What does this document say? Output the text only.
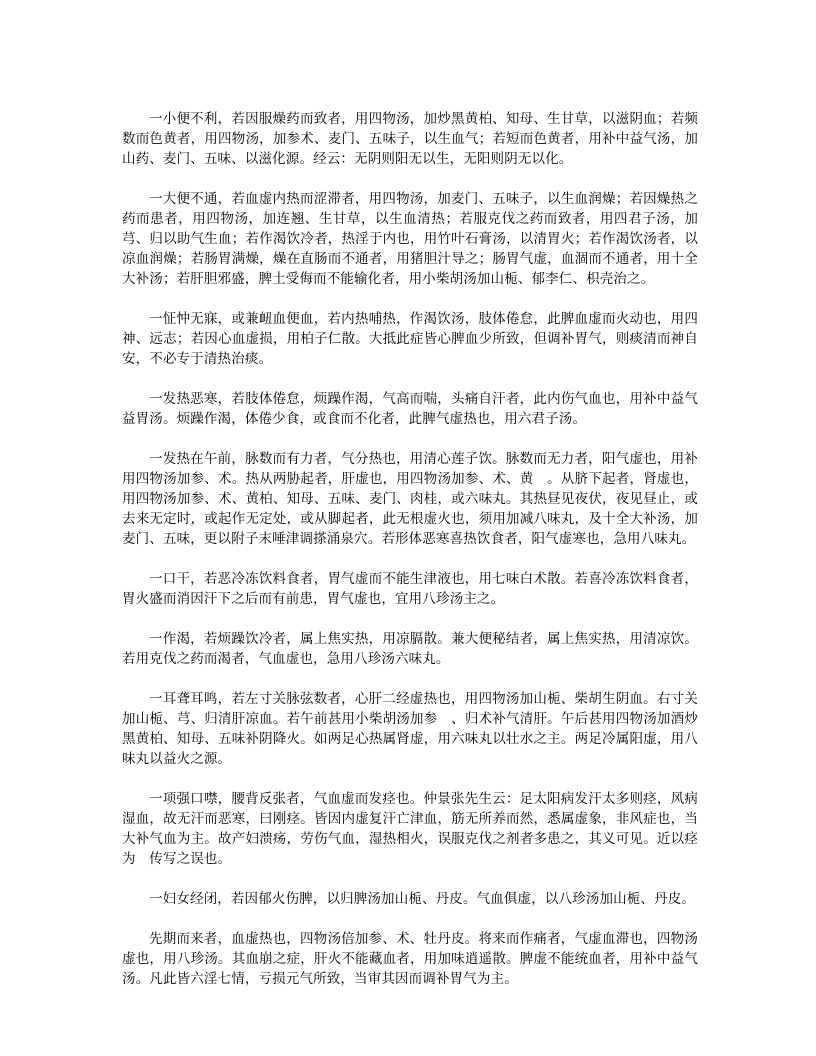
一小便不利，若因服燥药而致者，用四物汤，加炒黑黄柏、知母、生甘草，以滋阴血；若频数而色黄者，用四物汤，加参术、麦门、五味子，以生血气；若短而色黄者，用补中益气汤，加山药、麦门、五味、以滋化源。经云：无阴则阳无以生，无阳则阴无以化。

一大便不通，若血虚内热而涩滞者，用四物汤，加麦门、五味子，以生血润燥；若因燥热之药而患者，用四物汤，加连翘、生甘草，以生血清热；若服克伐之药而致者，用四君子汤，加芎、归以助气生血；若作渴饮冷者，热淫于内也，用竹叶石膏汤，以清胃火；若作渴饮汤者，以凉血润燥；若肠胃满燥，燥在直肠而不通者，用猪胆汁导之；肠胃气虚，血涸而不通者，用十全大补汤；若肝胆邪盛，脾土受侮而不能输化者，用小柴胡汤加山栀、郁李仁、枳壳治之。

一怔忡无寐，或兼衄血便血，若内热哺热，作渴饮汤，肢体倦怠，此脾血虚而火动也，用四神、远志；若因心血虚损，用柏子仁散。大抵此症皆心脾血少所致，但调补胃气，则痰清而神自安，不必专于清热治痰。

一发热恶寒，若肢体倦怠，烦躁作渴，气高而喘，头痛自汗者，此内伤气血也，用补中益气益胃汤。烦躁作渴，体倦少食，或食而不化者，此脾气虚热也，用六君子汤。

一发热在午前，脉数而有力者，气分热也，用清心莲子饮。脉数而无力者，阳气虚也，用补用四物汤加参、术。热从两胁起者，肝虚也，用四物汤加参、术、黄　。从脐下起者，肾虚也，用四物汤加参、术、黄柏、知母、五味、麦门、肉桂，或六味丸。其热昼见夜伏，夜见昼止，或去来无定时，或起作无定处，或从脚起者，此无根虚火也，须用加减八味丸，及十全大补汤，加麦门、五味，更以附子末唾津调搽涌泉穴。若形体恶寒喜热饮食者，阳气虚寒也，急用八味丸。

一口干，若恶冷冻饮料食者，胃气虚而不能生津液也，用七味白术散。若喜冷冻饮料食者，胃火盛而消因汗下之后而有前患，胃气虚也，宜用八珍汤主之。

一作渴，若烦躁饮冷者，属上焦实热，用凉膈散。兼大便秘结者，属上焦实热，用清凉饮。若用克伐之药而渴者，气血虚也，急用八珍汤六味丸。

一耳聋耳鸣，若左寸关脉弦数者，心肝二经虚热也，用四物汤加山栀、柴胡生阴血。右寸关加山栀、芎、归清肝凉血。若午前甚用小柴胡汤加参　、归术补气清肝。午后甚用四物汤加酒炒黑黄柏、知母、五味补阴降火。如两足心热属肾虚，用六味丸以壮水之主。两足冷属阳虚，用八味丸以益火之源。

一项强口噤，腰背反张者，气血虚而发痉也。仲景张先生云：足太阳病发汗太多则痉，风病湿血，故无汗而恶寒，曰刚痉。皆因内虚复汗亡津血，筋无所养而然，悉属虚象，非风症也，当大补气血为主。故产妇溃疡，劳伤气血，湿热相火，误服克伐之剂者多患之，其义可见。近以痉为　传写之误也。

一妇女经闭，若因郁火伤脾，以归脾汤加山栀、丹皮。气血俱虚，以八珍汤加山栀、丹皮。

先期而来者，血虚热也，四物汤倍加参、术、牡丹皮。将来而作痛者，气虚血滞也，四物汤虚也，用八珍汤。其血崩之症，肝火不能藏血者，用加味逍遥散。脾虚不能统血者，用补中益气汤。凡此皆六淫七情，亏损元气所致，当审其因而调补胃气为主。
